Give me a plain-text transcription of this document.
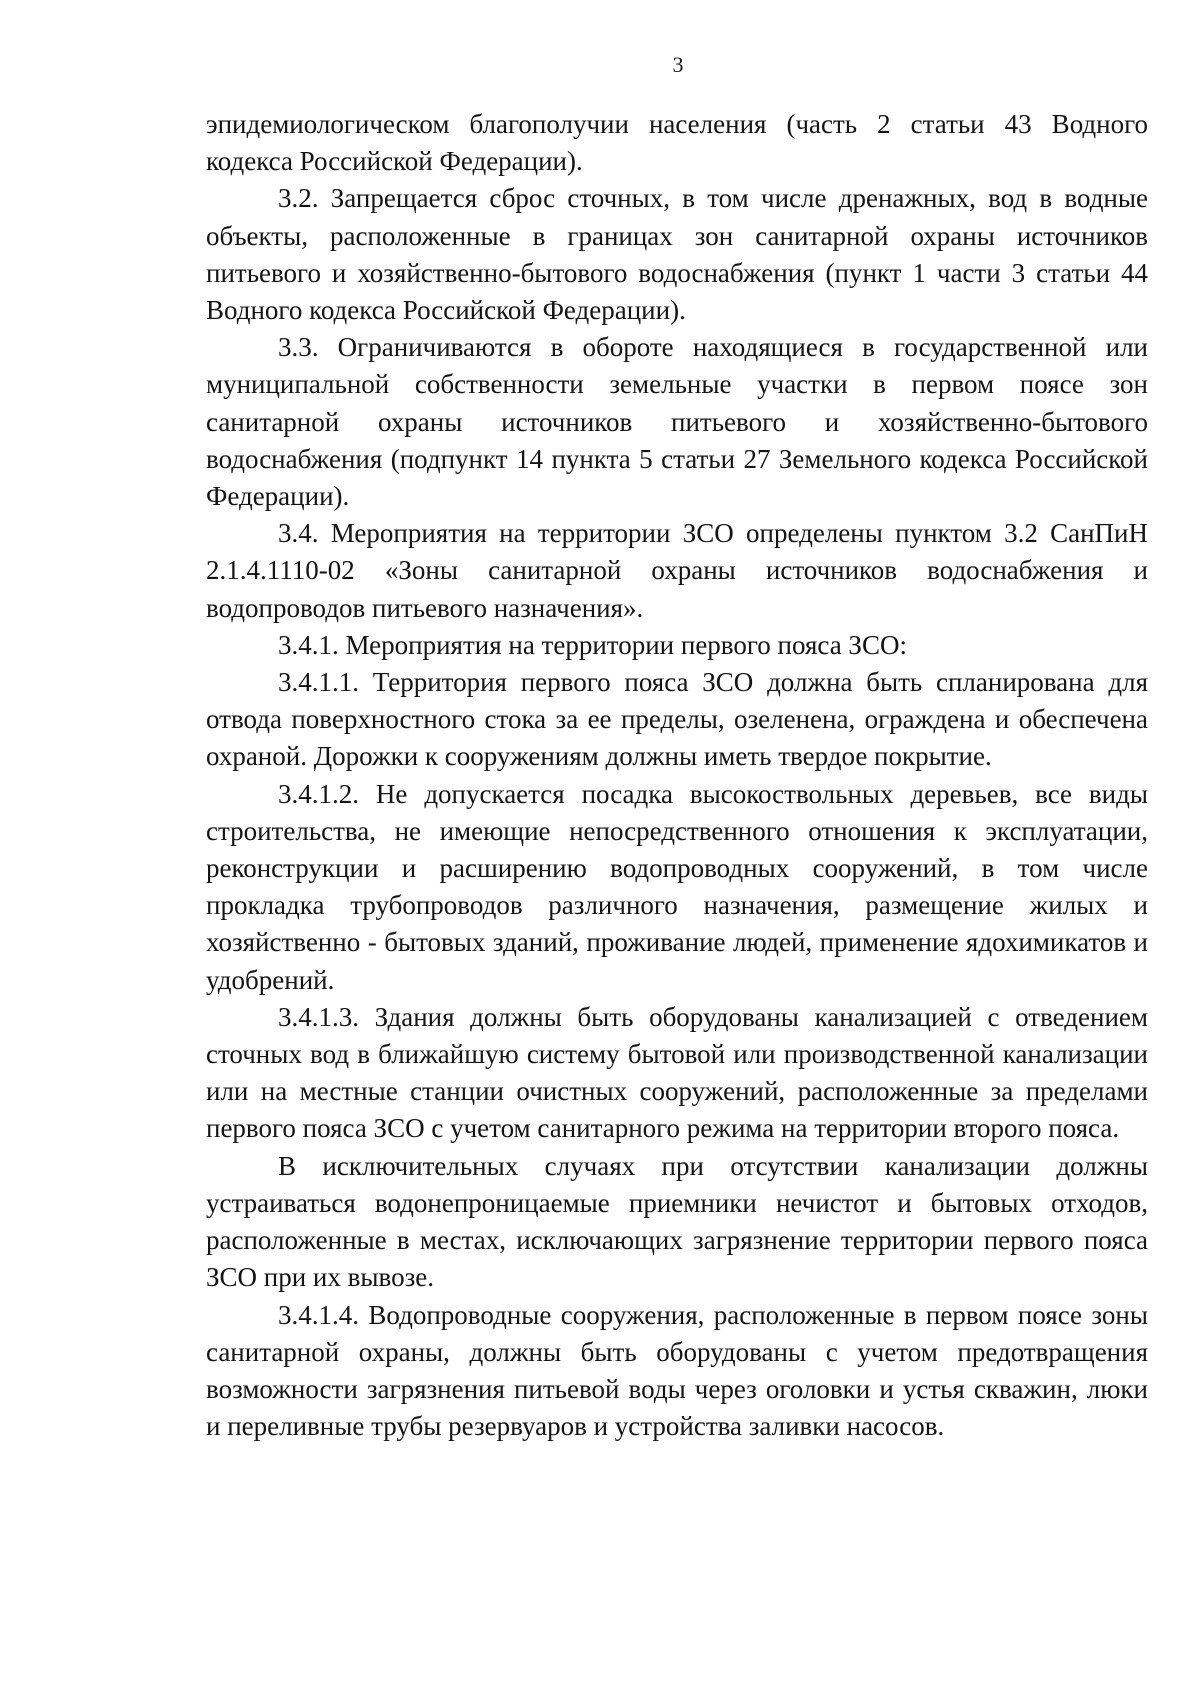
3

эпидемиологическом благополучии населения (часть 2 статьи 43 Водного кодекса Российской Федерации).

3.2. Запрещается сброс сточных, в том числе дренажных, вод в водные объекты, расположенные в границах зон санитарной охраны источников питьевого и хозяйственно-бытового водоснабжения (пункт 1 части 3 статьи 44 Водного кодекса Российской Федерации).

3.3. Ограничиваются в обороте находящиеся в государственной или муниципальной собственности земельные участки в первом поясе зон санитарной охраны источников питьевого и хозяйственно-бытового водоснабжения (подпункт 14 пункта 5 статьи 27 Земельного кодекса Российской Федерации).

3.4. Мероприятия на территории ЗСО определены пунктом 3.2 СанПиН 2.1.4.1110-02 «Зоны санитарной охраны источников водоснабжения и водопроводов питьевого назначения».

3.4.1. Мероприятия на территории первого пояса ЗСО:

3.4.1.1. Территория первого пояса ЗСО должна быть спланирована для отвода поверхностного стока за ее пределы, озеленена, ограждена и обеспечена охраной. Дорожки к сооружениям должны иметь твердое покрытие.

3.4.1.2. Не допускается посадка высокоствольных деревьев, все виды строительства, не имеющие непосредственного отношения к эксплуатации, реконструкции и расширению водопроводных сооружений, в том числе прокладка трубопроводов различного назначения, размещение жилых и хозяйственно - бытовых зданий, проживание людей, применение ядохимикатов и удобрений.

3.4.1.3. Здания должны быть оборудованы канализацией с отведением сточных вод в ближайшую систему бытовой или производственной канализации или на местные станции очистных сооружений, расположенные за пределами первого пояса ЗСО с учетом санитарного режима на территории второго пояса.

В исключительных случаях при отсутствии канализации должны устраиваться водонепроницаемые приемники нечистот и бытовых отходов, расположенные в местах, исключающих загрязнение территории первого пояса ЗСО при их вывозе.

3.4.1.4. Водопроводные сооружения, расположенные в первом поясе зоны санитарной охраны, должны быть оборудованы с учетом предотвращения возможности загрязнения питьевой воды через оголовки и устья скважин, люки и переливные трубы резервуаров и устройства заливки насосов.
